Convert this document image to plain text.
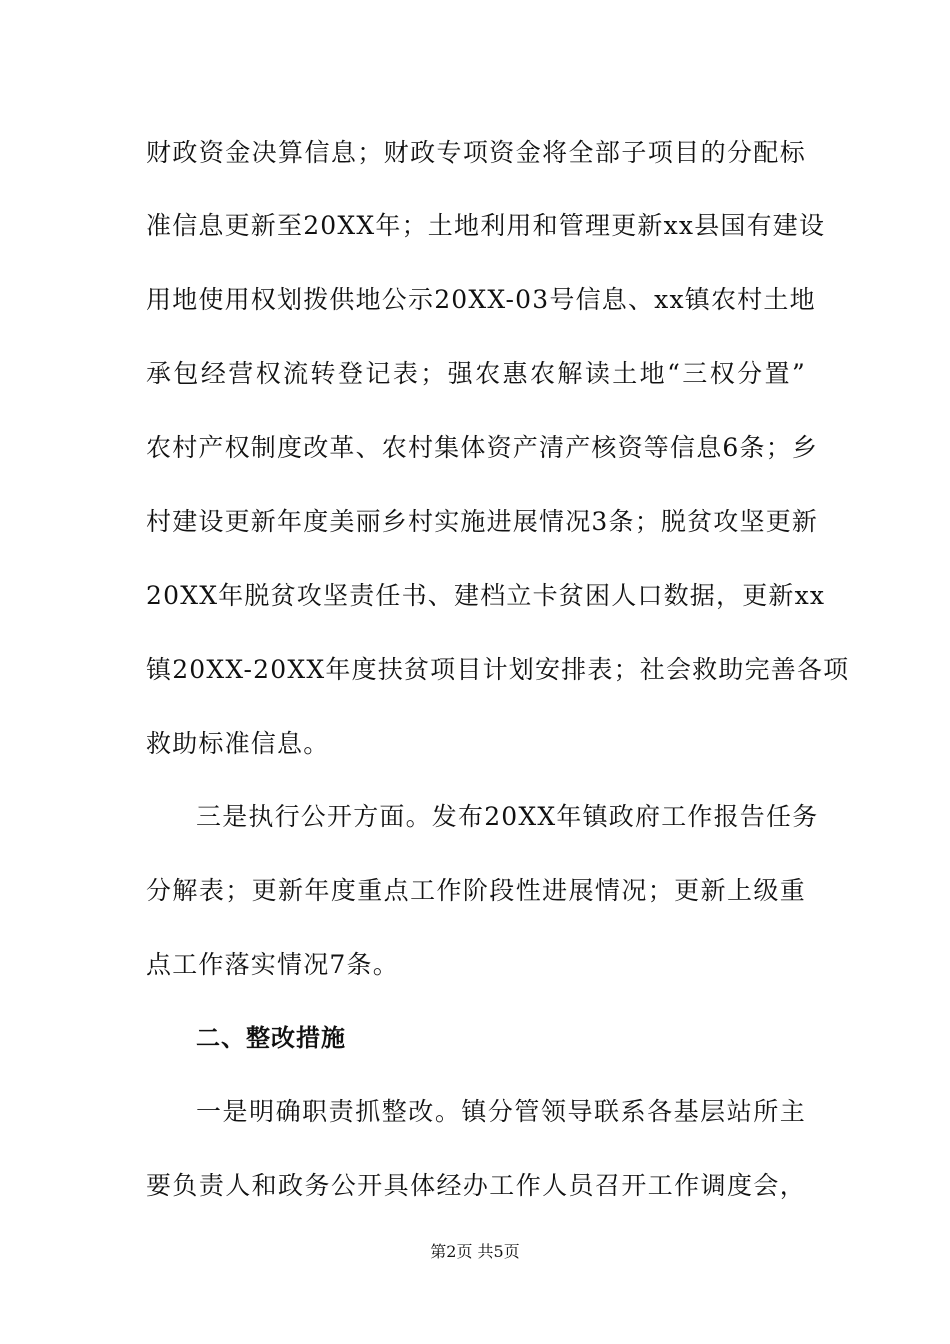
财政资金决算信息；财政专项资金将全部子项目的分配标
准信息更新至20XX年；土地利用和管理更新xx县国有建设
用地使用权划拨供地公示20XX-03号信息、xx镇农村土地
承包经营权流转登记表；强农惠农解读土地“三权分置”
农村产权制度改革、农村集体资产清产核资等信息6条；乡
村建设更新年度美丽乡村实施进展情况3条；脱贫攻坚更新
20XX年脱贫攻坚责任书、建档立卡贫困人口数据，更新xx
镇20XX-20XX年度扶贫项目计划安排表；社会救助完善各项
救助标准信息。
三是执行公开方面。发布20XX年镇政府工作报告任务
分解表；更新年度重点工作阶段性进展情况；更新上级重
点工作落实情况7条。
二、整改措施
一是明确职责抓整改。镇分管领导联系各基层站所主
要负责人和政务公开具体经办工作人员召开工作调度会，
第2页 共5页
